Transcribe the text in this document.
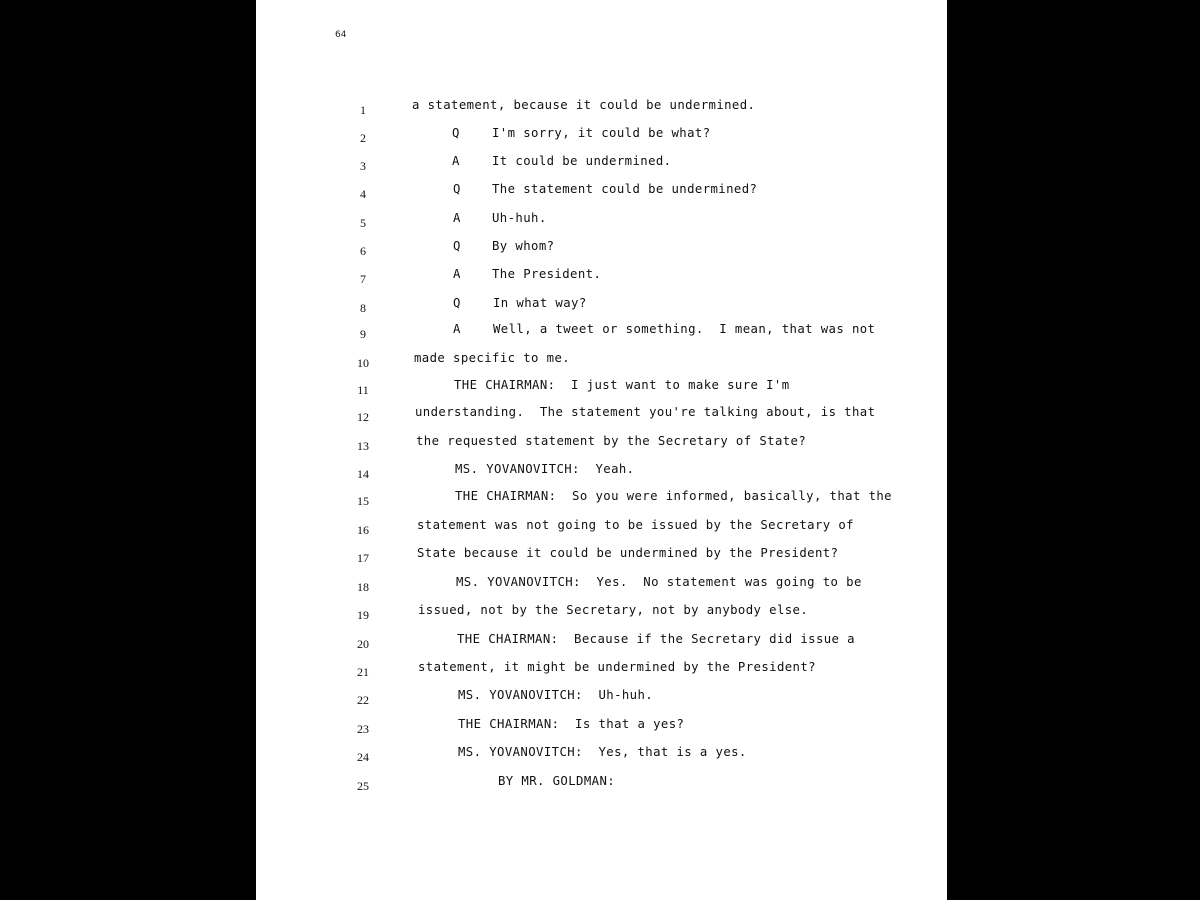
64
1	a statement, because it could be undermined.
2	Q	I'm sorry, it could be what?
3	A	It could be undermined.
4	Q	The statement could be undermined?
5	A	Uh-huh.
6	Q	By whom?
7	A	The President.
8	Q	In what way?
9	A	Well, a tweet or something.  I mean, that was not
10	made specific to me.
11	THE CHAIRMAN:  I just want to make sure I'm
12	understanding.  The statement you're talking about, is that
13	the requested statement by the Secretary of State?
14	MS. YOVANOVITCH:  Yeah.
15	THE CHAIRMAN:  So you were informed, basically, that the
16	statement was not going to be issued by the Secretary of
17	State because it could be undermined by the President?
18	MS. YOVANOVITCH:  Yes.  No statement was going to be
19	issued, not by the Secretary, not by anybody else.
20	THE CHAIRMAN:  Because if the Secretary did issue a
21	statement, it might be undermined by the President?
22	MS. YOVANOVITCH:  Uh-huh.
23	THE CHAIRMAN:  Is that a yes?
24	MS. YOVANOVITCH:  Yes, that is a yes.
25	BY MR. GOLDMAN:
